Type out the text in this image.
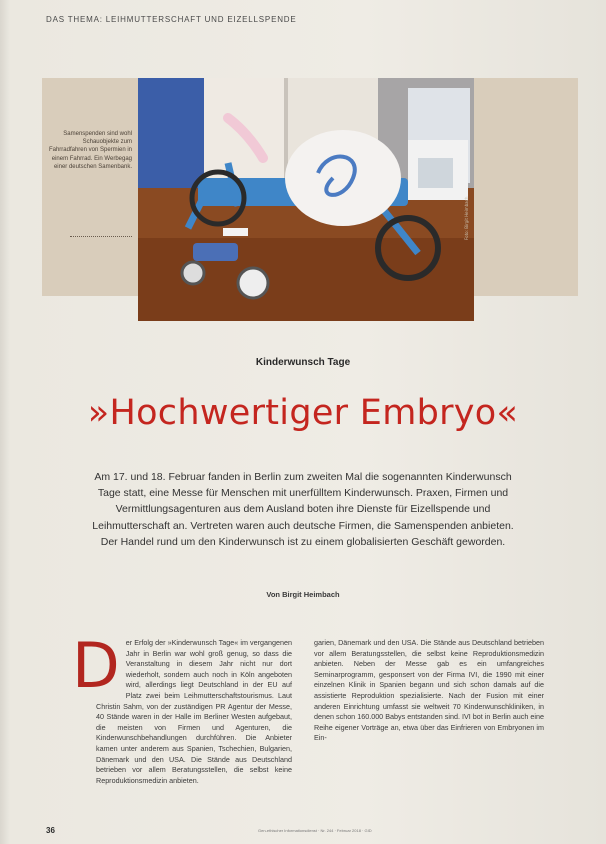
DAS THEMA: LEIHMUTTERSCHAFT UND EIZELLSPENDE
Samenspenden sind wohl Schauobjekte zum Fahrradfahren von Spermien in einem Fahrrad. Ein Werbegag einer deutschen Samenbank.
Foto: Birgit Heimbach
Kinderwunsch Tage
»Hochwertiger Embryo«
Am 17. und 18. Februar fanden in Berlin zum zweiten Mal die sogenannten Kinderwunsch Tage statt, eine Messe für Menschen mit unerfülltem Kinderwunsch. Praxen, Firmen und Vermittlungsagenturen aus dem Ausland boten ihre Dienste für Eizellspende und Leihmutterschaft an. Vertreten waren auch deutsche Firmen, die Samenspenden anbieten. Der Handel rund um den Kinderwunsch ist zu einem globalisierten Geschäft geworden.
Von Birgit Heimbach
Der Erfolg der »Kinderwunsch Tage« im vergangenen Jahr in Berlin war wohl groß genug, so dass die Veranstaltung in diesem Jahr nicht nur dort wiederholt, sondern auch noch in Köln angeboten wird, allerdings liegt Deutschland in der EU auf Platz zwei beim Leihmutterschaftstourismus. Laut Christin Sahm, von der zuständigen PR Agentur der Messe, 40 Stände waren in der Halle im Berliner Westen aufgebaut, die meisten von Firmen und Agenturen, die Kinderwunschbehandlungen durchführen. Die Anbieter kamen unter anderem aus Spanien, Tschechien, Bulgarien, Dänemark und den USA. Die Stände aus Deutschland betrieben vor allem Beratungsstellen, die selbst keine Reproduktionsmedizin anbieten.
garien, Dänemark und den USA. Die Stände aus Deutschland betrieben vor allem Beratungsstellen, die selbst keine Reproduktionsmedizin anbieten. Neben der Messe gab es ein umfangreiches Seminarprogramm, gesponsert von der Firma IVI, die 1990 mit einer einzelnen Klinik in Spanien begann und sich schon damals auf die assistierte Reproduktion spezialisierte. Nach der Fusion mit einer anderen Einrichtung umfasst sie weltweit 70 Kinderwunschkliniken, in denen schon 160.000 Babys entstanden sind. IVI bot in Berlin auch eine Reihe eigener Vorträge an, etwa über das Einfrieren von Embryonen im Ein-
36	Gen-ethischer Informationsdienst · Nr. 244 · Februar 2018 · GID
